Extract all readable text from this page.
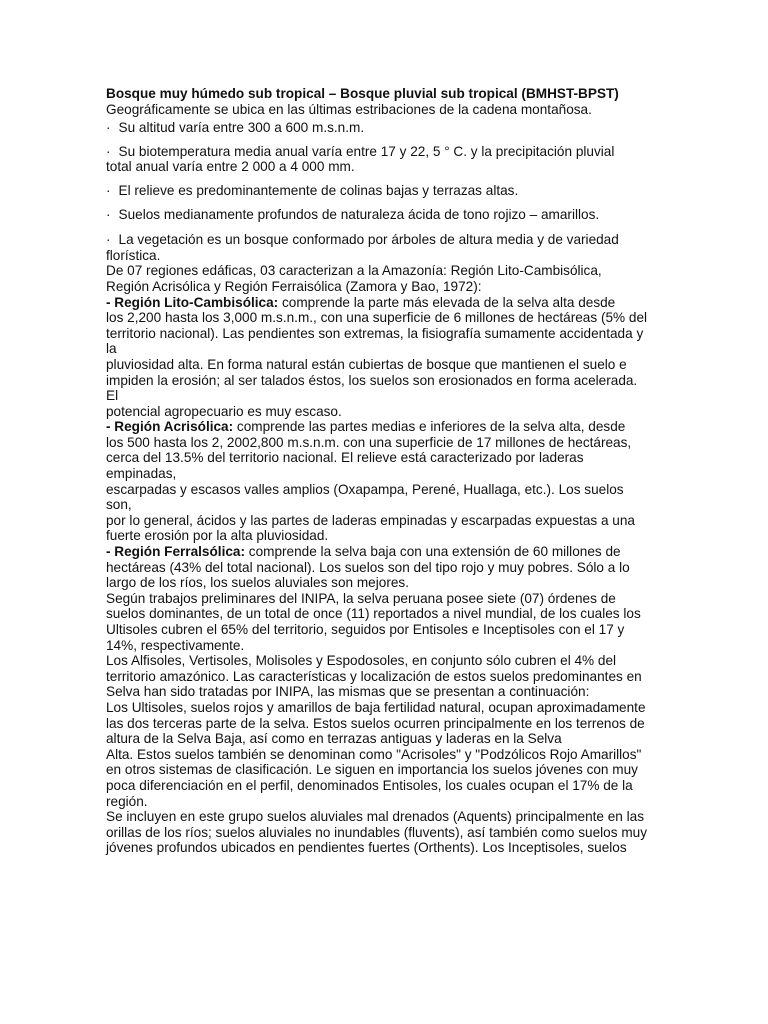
Bosque muy húmedo sub tropical – Bosque pluvial sub tropical (BMHST-BPST)
Geográficamente se ubica en las últimas estribaciones de la cadena montañosa.
· Su altitud varía entre 300 a 600 m.s.n.m.
· Su biotemperatura media anual varía entre 17 y 22, 5 ° C. y la precipitación pluvial
total anual varía entre 2 000 a 4 000 mm.
· El relieve es predominantemente de colinas bajas y terrazas altas.
· Suelos medianamente profundos de naturaleza ácida de tono rojizo – amarillos.
· La vegetación es un bosque conformado por árboles de altura media y de variedad
florística.
De 07 regiones edáficas, 03 caracterizan a la Amazonía: Región Lito-Cambisólica,
Región Acrisólica y Región Ferraisólica (Zamora y Bao, 1972):
- Región Lito-Cambisólica: comprende la parte más elevada de la selva alta desde
los 2,200 hasta los 3,000 m.s.n.m., con una superficie de 6 millones de hectáreas (5% del
territorio nacional). Las pendientes son extremas, la fisiografía sumamente accidentada y
la
pluviosidad alta. En forma natural están cubiertas de bosque que mantienen el suelo e
impiden la erosión; al ser talados éstos, los suelos son erosionados en forma acelerada.
El
potencial agropecuario es muy escaso.
- Región Acrisólica: comprende las partes medias e inferiores de la selva alta, desde
los 500 hasta los 2, 2002,800 m.s.n.m. con una superficie de 17 millones de hectáreas,
cerca del 13.5% del territorio nacional. El relieve está caracterizado por laderas
empinadas,
escarpadas y escasos valles amplios (Oxapampa, Perené, Huallaga, etc.). Los suelos
son,
por lo general, ácidos y las partes de laderas empinadas y escarpadas expuestas a una
fuerte erosión por la alta pluviosidad.
- Región Ferralsólica: comprende la selva baja con una extensión de 60 millones de
hectáreas (43% del total nacional). Los suelos son del tipo rojo y muy pobres. Sólo a lo
largo de los ríos, los suelos aluviales son mejores.
Según trabajos preliminares del INIPA, la selva peruana posee siete (07) órdenes de
suelos dominantes, de un total de once (11) reportados a nivel mundial, de los cuales los
Ultisoles cubren el 65% del territorio, seguidos por Entisoles e Inceptisoles con el 17 y
14%, respectivamente.
Los Alfisoles, Vertisoles, Molisoles y Espodosoles, en conjunto sólo cubren el 4% del
territorio amazónico. Las características y localización de estos suelos predominantes en
Selva han sido tratadas por INIPA, las mismas que se presentan a continuación:
Los Ultisoles, suelos rojos y amarillos de baja fertilidad natural, ocupan aproximadamente
las dos terceras parte de la selva. Estos suelos ocurren principalmente en los terrenos de
altura de la Selva Baja, así como en terrazas antiguas y laderas en la Selva
Alta. Estos suelos también se denominan como "Acrisoles" y "Podzólicos Rojo Amarillos"
en otros sistemas de clasificación. Le siguen en importancia los suelos jóvenes con muy
poca diferenciación en el perfil, denominados Entisoles, los cuales ocupan el 17% de la
región.
Se incluyen en este grupo suelos aluviales mal drenados (Aquents) principalmente en las
orillas de los ríos; suelos aluviales no inundables (fluvents), así también como suelos muy
jóvenes profundos ubicados en pendientes fuertes (Orthents). Los Inceptisoles, suelos
